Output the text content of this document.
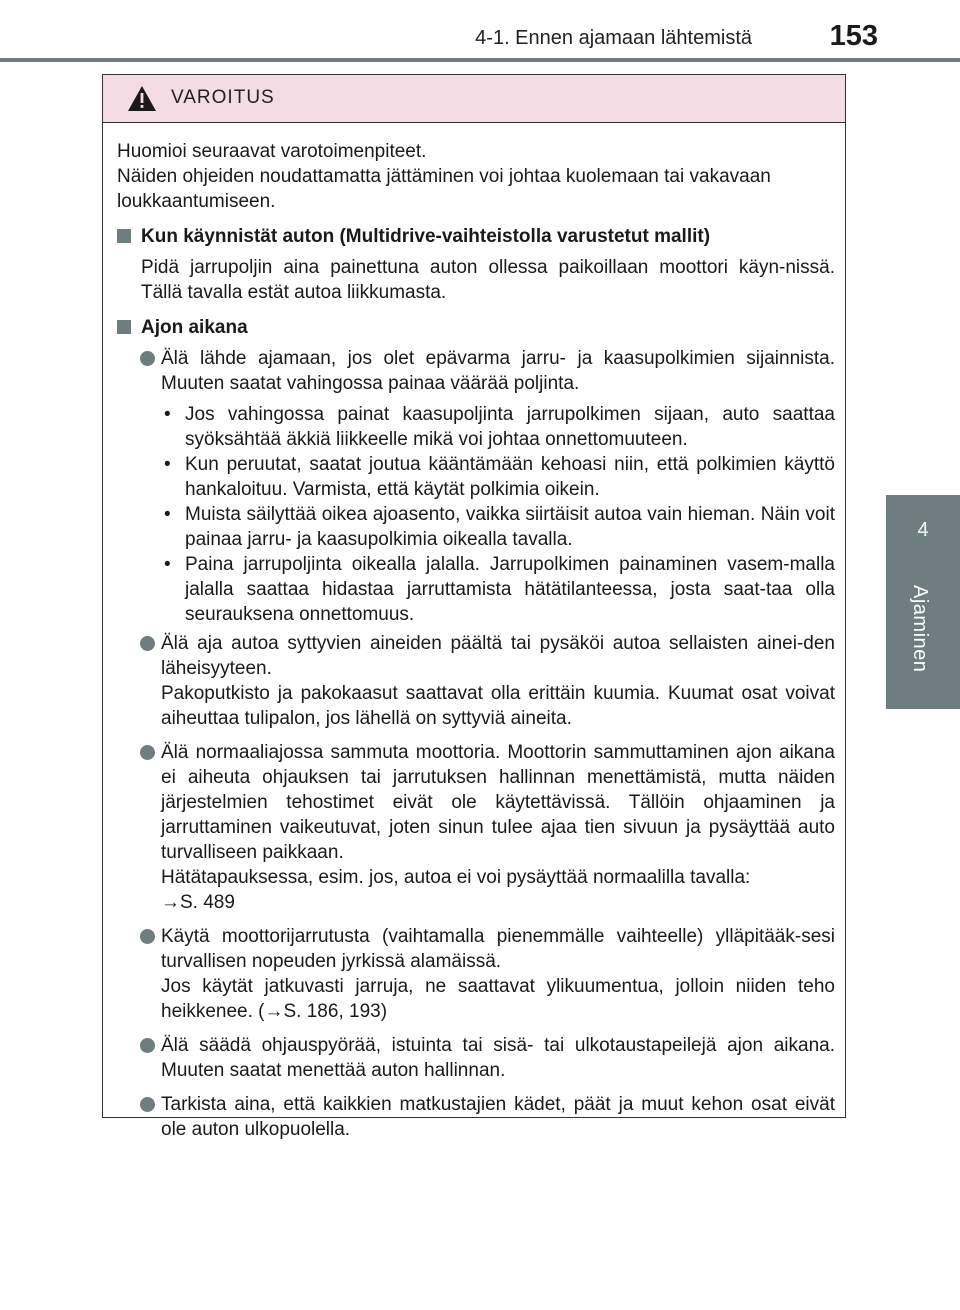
4-1. Ennen ajamaan lähtemistä	153
4
Ajaminen
VAROITUS

Huomioi seuraavat varotoimenpiteet.

Näiden ohjeiden noudattamatta jättäminen voi johtaa kuolemaan tai vakavaan loukkaantumiseen.

Kun käynnistät auton (Multidrive-vaihteistolla varustetut mallit)
Pidä jarrupoljin aina painettuna auton ollessa paikoillaan moottori käyn-nissä. Tällä tavalla estät autoa liikkumasta.
Ajon aikana
Älä lähde ajamaan, jos olet epävarma jarru- ja kaasupolkimien sijainnista. Muuten saatat vahingossa painaa väärää poljinta.
• Jos vahingossa painat kaasupoljinta jarrupolkimen sijaan, auto saattaa syöksähtää äkkiä liikkeelle mikä voi johtaa onnettomuuteen.
• Kun peruutat, saatat joutua kääntämään kehoasi niin, että polkimien käyttö hankaloituu. Varmista, että käytät polkimia oikein.
• Muista säilyttää oikea ajoasento, vaikka siirtäisit autoa vain hieman. Näin voit painaa jarru- ja kaasupolkimia oikealla tavalla.
• Paina jarrupoljinta oikealla jalalla. Jarrupolkimen painaminen vasem-malla jalalla saattaa hidastaa jarruttamista hätätilanteessa, josta saat-taa olla seurauksena onnettomuus.
Älä aja autoa syttyvien aineiden päältä tai pysäköi autoa sellaisten ainei-den läheisyyteen.
Pakoputkisto ja pakokaasut saattavat olla erittäin kuumia. Kuumat osat voivat aiheuttaa tulipalon, jos lähellä on syttyviä aineita.
Älä normaaliajossa sammuta moottoria. Moottorin sammuttaminen ajon aikana ei aiheuta ohjauksen tai jarrutuksen hallinnan menettämistä, mutta näiden järjestelmien tehostimet eivät ole käytettävissä. Tällöin ohjaaminen ja jarruttaminen vaikeutuvat, joten sinun tulee ajaa tien sivuun ja pysäyttää auto turvalliseen paikkaan.
Hätätapauksessa, esim. jos, autoa ei voi pysäyttää normaalilla tavalla:
→S. 489
Käytä moottorijarrutusta (vaihtamalla pienemmälle vaihteelle) ylläpitääk-sesi turvallisen nopeuden jyrkissä alamäissä.
Jos käytät jatkuvasti jarruja, ne saattavat ylikuumentua, jolloin niiden teho heikkenee. (→S. 186, 193)
Älä säädä ohjauspyörää, istuinta tai sisä- tai ulkotaustapeilejä ajon aikana. Muuten saatat menettää auton hallinnan.
Tarkista aina, että kaikkien matkustajien kädet, päät ja muut kehon osat eivät ole auton ulkopuolella.
